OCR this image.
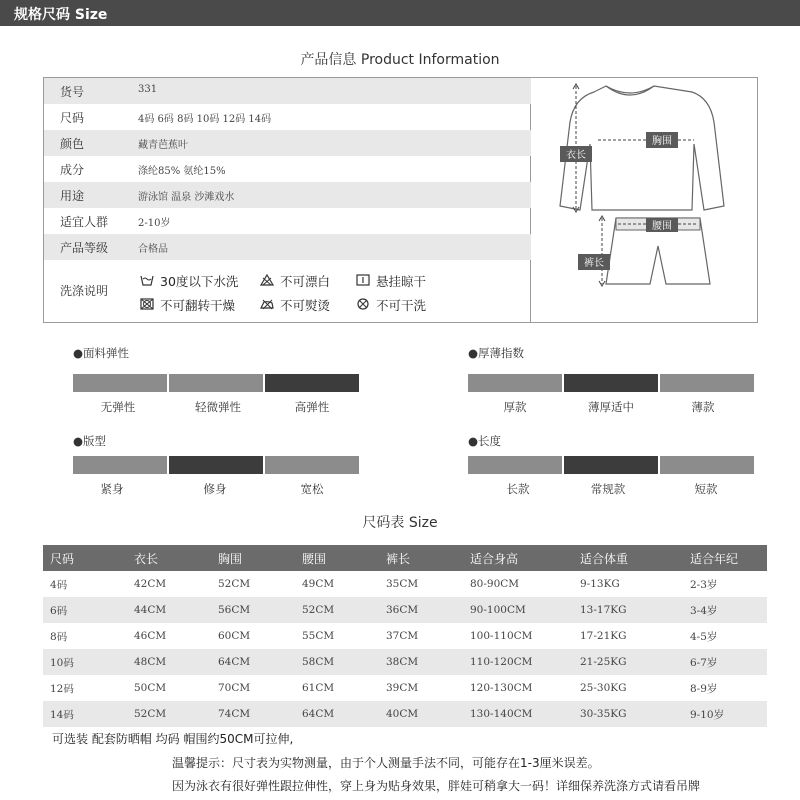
规格尺码 Size
产品信息 Product Information
货号	331
尺码	4码 6码 8码 10码 12码 14码
颜色	藏青芭蕉叶
成分	涤纶85% 氨纶15%
用途	游泳馆 温泉 沙滩戏水
适宜人群	2-10岁
产品等级	合格品
洗涤说明
30度以下水洗	不可漂白	悬挂晾干
不可翻转干燥	不可熨烫	不可干洗
衣长
胸围
腰围
裤长
●面料弹性
无弹性	轻微弹性	高弹性
●厚薄指数
厚款	薄厚适中	薄款
●版型
紧身	修身	宽松
●长度
长款	常规款	短款
尺码表 Size
尺码	衣长	胸围	腰围	裤长	适合身高	适合体重	适合年纪
4码	42CM	52CM	49CM	35CM	80-90CM	9-13KG	2-3岁
6码	44CM	56CM	52CM	36CM	90-100CM	13-17KG	3-4岁
8码	46CM	60CM	55CM	37CM	100-110CM	17-21KG	4-5岁
10码	48CM	64CM	58CM	38CM	110-120CM	21-25KG	6-7岁
12码	50CM	70CM	61CM	39CM	120-130CM	25-30KG	8-9岁
14码	52CM	74CM	64CM	40CM	130-140CM	30-35KG	9-10岁
可选装 配套防晒帽 均码 帽围约50CM可拉伸,
温馨提示：尺寸表为实物测量，由于个人测量手法不同，可能存在1-3厘米误差。
因为泳衣有很好弹性跟拉伸性，穿上身为贴身效果，胖娃可稍拿大一码！详细保养洗涤方式请看吊牌
